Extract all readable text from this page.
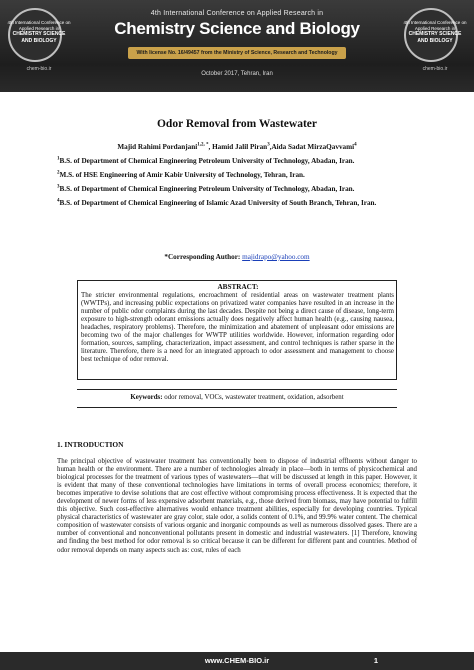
4th International Conference on
Applied Research in
CHEMISTRY SCIENCE
AND BIOLOGY
chem-bio.ir
4th International Conference on Applied Research in
Chemistry Science and Biology
With license No. 16/49457 from the Ministry of Science, Research and Technology
October 2017, Tehran, Iran
4th International Conference on
Applied Research in
CHEMISTRY SCIENCE
AND BIOLOGY
chem-bio.ir
Odor Removal from Wastewater
Majid Rahimi Pordanjani$^{1,2, *}$, Hamid Jalil Piran$^3$,Aida Sadat MirzaQavvami$^4$
$^1$B.S. of Department of Chemical Engineering Petroleum University of Technology, Abadan, Iran.
$^2$M.S. of HSE Engineering of Amir Kabir University of Technology, Tehran, Iran.
$^3$B.S. of Department of Chemical Engineering Petroleum University of Technology, Abadan, Iran.
$^4$B.S. of Department of Chemical Engineering of Islamic Azad University of South Branch, Tehran, Iran.
*Corresponding Author: majidrapo@yahoo.com
ABSTRACT:
The stricter environmental regulations, encroachment of residential areas on wastewater treatment plants (WWTPs), and increasing public expectations on privatized water companies have resulted in an increase in the number of public odor complaints during the last decades. Despite not being a direct cause of disease, long-term exposure to high-strength odorant emissions actually does negatively affect human health (e.g., causing nausea, headaches, respiratory problems). Therefore, the minimization and abatement of unpleasant odor emissions are becoming two of the major challenges for WWTP utilities worldwide. However, information regarding odor formation, sources, sampling, characterization, impact assessment, and control techniques is rather sparse in the literature. Therefore, there is a need for an integrated approach to odor assessment and management to choose best technique of odor removal.
Keywords: odor removal, VOCs, wastewater treatment, oxidation, adsorbent
1. INTRODUCTION
The principal objective of wastewater treatment has conventionally been to dispose of industrial effluents without danger to human health or the environment. There are a number of technologies already in place—both in terms of physicochemical and biological processes for the treatment of various types of wastewaters—that will be discussed at length in this paper. However, it is evident that many of these conventional technologies have limitations in terms of overall process economics; therefore, it becomes imperative to devise solutions that are cost effective without compromising process effectiveness. It is expected that the development of newer forms of less expensive adsorbent materials, e.g., those derived from biomass, may have potential to fulfill this objective. Such cost-effective alternatives would enhance treatment abilities, especially for developing countries. Typical physical characteristics of wastewater are gray color, stale odor, a solids content of 0.1%, and 99.9% water content. The chemical composition of wastewater consists of various organic and inorganic compounds as well as numerous dissolved gases. There are a number of conventional and nonconventional pollutants present in domestic and industrial wastewaters. [1] Therefore, knowing and finding the best method for odor removal is so critical because it can be different for different pant and countries. Method of odor removal depends on many aspects such as: cost, rules of each
www.CHEM-BIO.ir	1
